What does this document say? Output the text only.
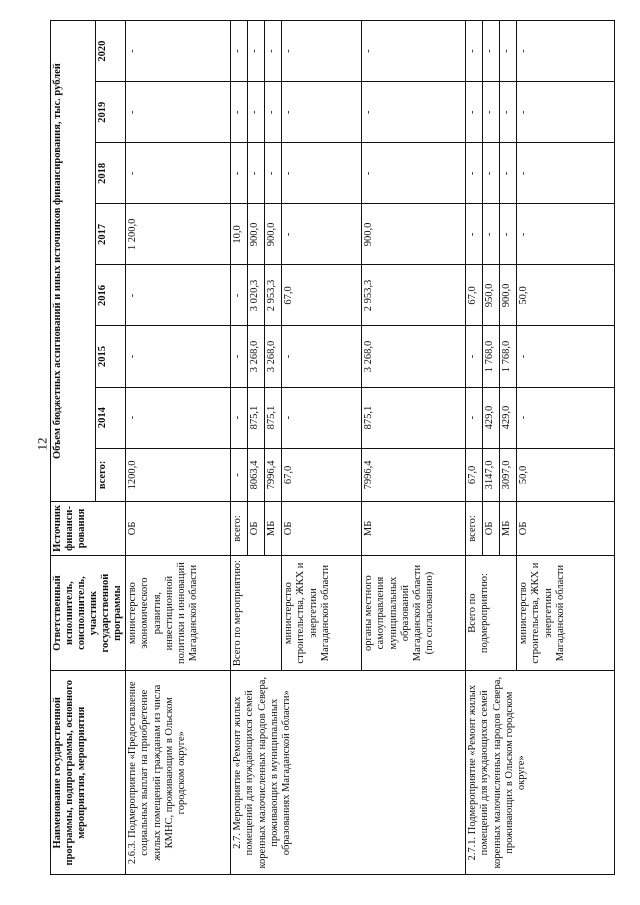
12
Наименование государственной программы, подпрограммы, основного мероприятия, мероприятия	Ответственный исполнитель, соисполнитель, участник государственной программы	Источник финанси-рования	Объем бюджетных ассигнований и иных источников финансирования, тыс. рублей							
			всего:	2014	2015	2016	2017	2018	2019	2020
2.6.3. Подмероприятие «Предоставление социальных выплат на приобретение жилых помещений гражданам из числа КМНС, проживающим в Ольском городском округе»	министерство экономического развития, инвестиционной политики и инноваций Магаданской области	ОБ	1200,0	-	-	-	1 200,0	-	-	-
2.7. Мероприятие «Ремонт жилых помещений для нуждающихся семей коренных малочисленных народов Севера, проживающих в муниципальных образованиях Магаданской области»	Всего по мероприятию:	всего:	-	-	-	-	10,0	-	-	-
		ОБ	8063,4	875,1	3 268,0	3 020,3	900,0	-	-	-
		МБ	7996,4	875,1	3 268,0	2 953,3	900,0	-	-	-
	министерство строительства, ЖКХ и энергетики Магаданской области	ОБ	67,0	-	-	67,0	-	-	-	-
	органы местного самоуправления муниципальных образований Магаданской области (по согласованию)	МБ	7996,4	875,1	3 268,0	2 953,3	900,0	-	-	-
2.7.1. Подмероприятие «Ремонт жилых помещений для нуждающихся семей коренных малочисленных народов Севера, проживающих в Ольском городском округе»	Всего по подмероприятию:	всего:	67,0	-	-	67,0	-	-	-	-
		ОБ	3147,0	429,0	1 768,0	950,0	-	-	-	-
		МБ	3097,0	429,0	1 768,0	900,0	-	-	-	-
	министерство строительства, ЖКХ и энергетики Магаданской области	ОБ	50,0	-	-	50,0	-	-	-	-
